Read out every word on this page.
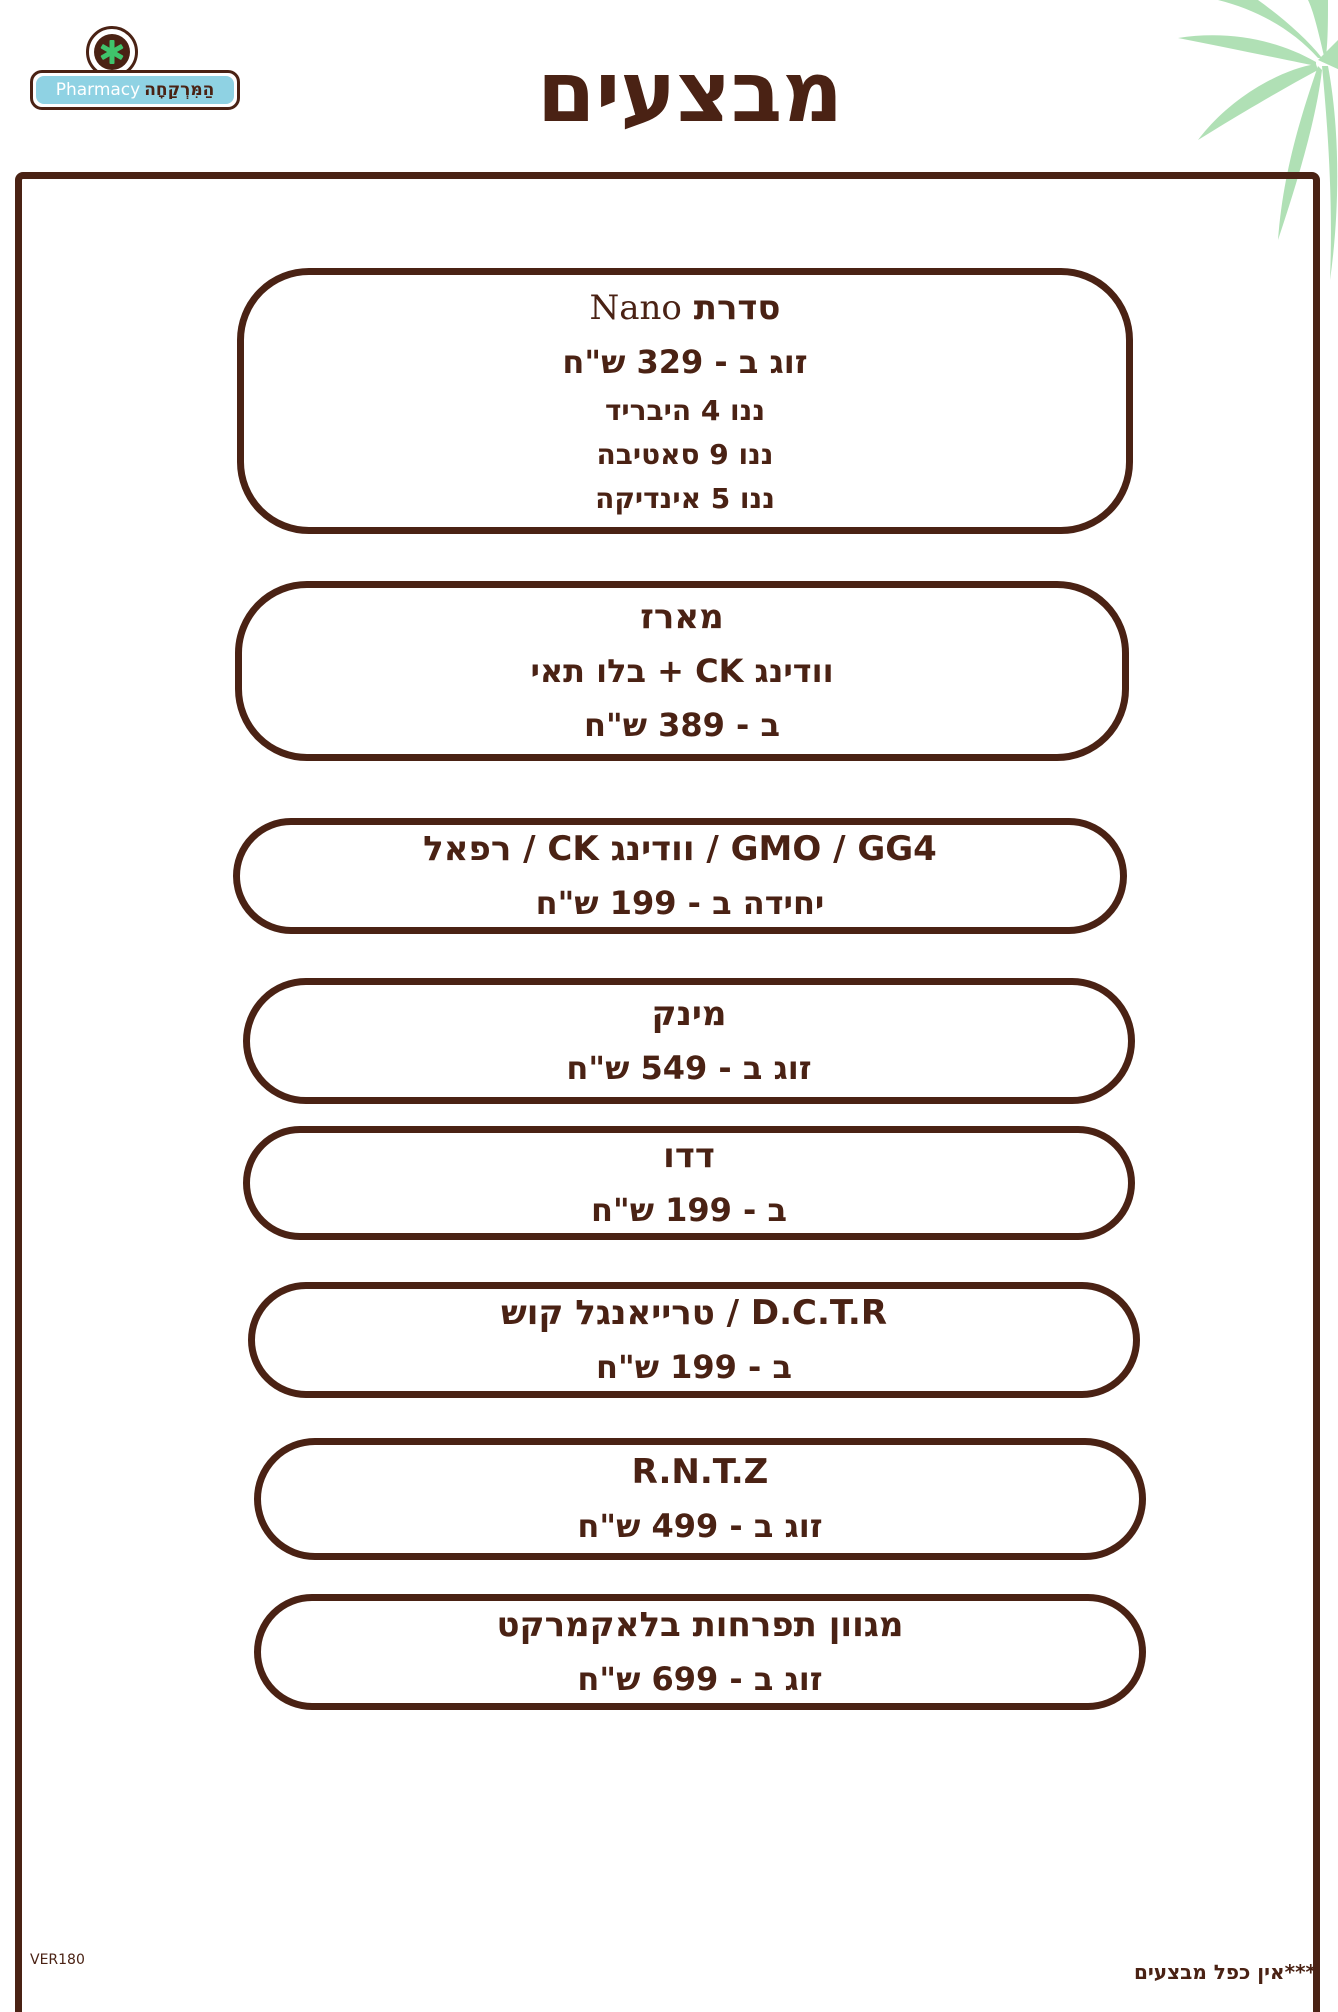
Pharmacy הַמִּרְקַחָה	מבצעים
סדרת Nano
זוג ב - 329 ש"ח
ננו 4 היבריד
ננו 9 סאטיבה
ננו 5 אינדיקה
מארז
וודינג CK + בלו תאי
ב - 389 ש"ח
GMO / GG4 / וודינג CK / רפאל
יחידה ב - 199 ש"ח
מינק
זוג ב - 549 ש"ח
דדו
ב - 199 ש"ח
D.C.T.R / טרייאנגל קוש
ב - 199 ש"ח
R.N.T.Z
זוג ב - 499 ש"ח
מגוון תפרחות בלאקמרקט
זוג ב - 699 ש"ח
VER180	***אין כפל מבצעים
